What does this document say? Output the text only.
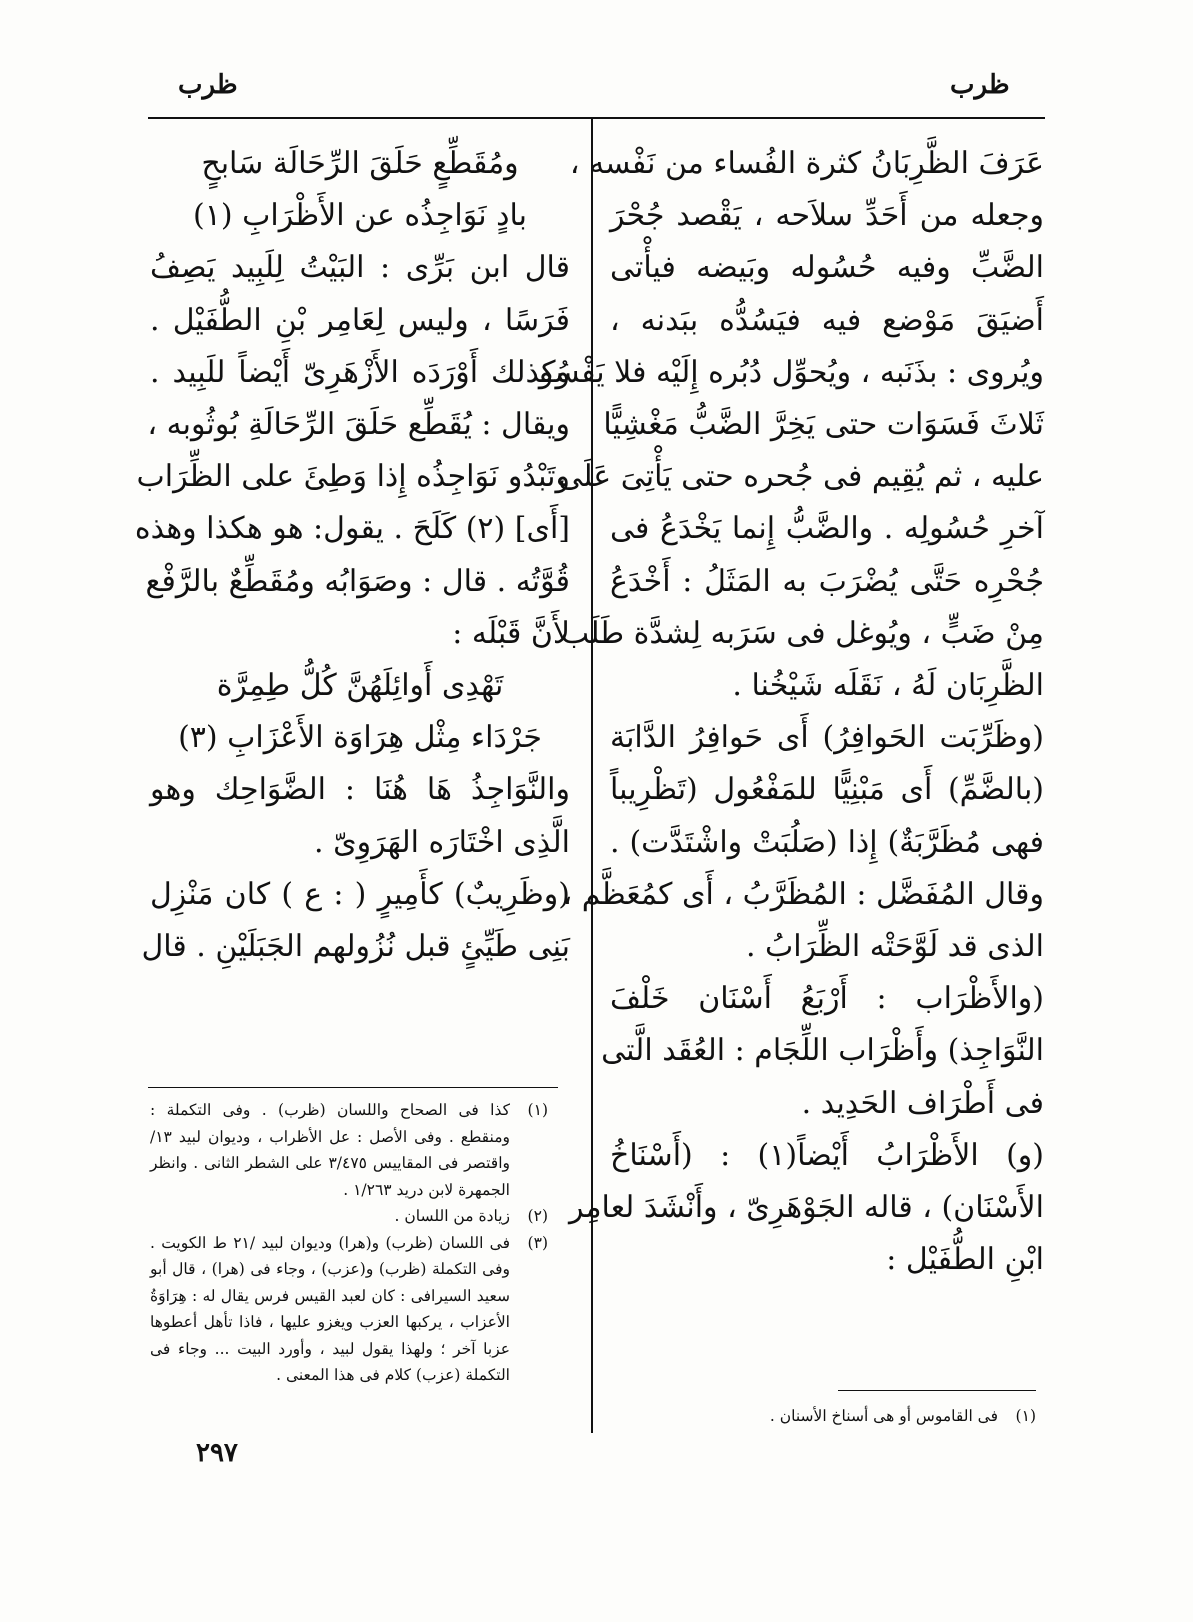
ظرب
ظرب
عَرَفَ الظَّرِبَانُ كثرة الفُساء من نَفْسه ،
وجعله من أَحَدِّ سلاَحه ، يَقْصد جُحْرَ
الضَّبِّ وفيه حُسُوله وبَيضه فيأْتى
أَضيَقَ مَوْضع فيه فيَسُدُّه ببَدنه ،
ويُروى : بذَنَبه ، ويُحوِّل دُبُره إِلَيْه فلا يَفْسُو
ثَلاثَ فَسَوَات حتى يَخِرَّ الضَّبُّ مَغْشِيًّا
عليه ، ثم يُقِيم فى جُحره حتى يَأْتِىَ عَلَى
آخرِ حُسُولِه . والضَّبُّ إِنما يَخْدَعُ فى
جُحْرِه حَتَّى يُضْرَبَ به المَثَلُ : أَخْدَعُ
مِنْ ضَبٍّ ، ويُوغل فى سَرَبه لِشدَّة طَلَب
الظَّرِبَان لَهُ ، نَقَلَه شَيْخُنا .
(وظَرِّبَت الحَوافِرُ) أَى حَوافِرُ الدَّابَة
(بالضَّمِّ) أَى مَبْنِيًّا للمَفْعُول (تَظْرِيباً
فهى مُظَرَّبَةٌ) إِذا (صَلُبَتْ واشْتَدَّت) .
وقال المُفَضَّل : المُظَرَّبُ ، أَى كمُعَظَّم ،
الذى قد لَوَّحَتْه الظِّرَابُ .
(والأَظْرَاب : أَرْبَعُ أَسْنَان خَلْفَ
النَّوَاجِذ) وأَظْرَاب اللِّجَام : العُقَد الَّتى
فى أَطْرَاف الحَدِيد .
(و) الأَظْرَابُ أَيْضاً(١) : (أَسْنَاخُ
الأَسْنَان) ، قاله الجَوْهَرِىّ ، وأَنْشَدَ لعامِر
ابْنِ الطُّفَيْل :
ومُقَطِّعٍ حَلَقَ الرِّحَالَة سَابحٍ
بادٍ نَوَاجِذُه عن الأَظْرَابِ (١)
قال ابن بَرِّى : البَيْتُ لِلَبِيد يَصِفُ
فَرَسًا ، وليس لِعَامِر بْنِ الطُّفَيْل .
وكذلك أَوْرَدَه الأَزْهَرِىّ أَيْضاً للَبِيد .
ويقال : يُقَطِّع حَلَقَ الرِّحَالَةِ بُوثُوبه ،
وتَبْدُو نَوَاجِذُه إِذا وَطِئَ على الظِّرَاب
[أَى] (٢) كَلَحَ . يقول: هو هكذا وهذه
قُوَّتُه . قال : وصَوَابُه ومُقَطِّعٌ بالرَّفْع
لأَنَّ قَبْلَه :
تَهْدِى أَوائِلَهُنَّ كُلُّ طِمِرَّة
جَرْدَاء مِثْل هِرَاوَة الأَعْزَابِ (٣)
والنَّوَاجِذُ هَا هُنَا : الضَّوَاحِك وهو
الَّذِى اخْتَارَه الهَرَوِىّ .
(وظَرِيبٌ) كأَمِيرٍ ( : ع ) كان مَنْزِل
بَنِى طَيِّئٍ قبل نُزُولهم الجَبَلَيْنِ . قال
(١)
كذا فى الصحاح واللسان (ظرب) . وفى التكملة : ومنقطع . وفى الأصل : عل الأظراب ، وديوان لبيد ١٣/ واقتصر فى المقاييس ٣/٤٧٥ على الشطر الثانى . وانظر الجمهرة لابن دريد ١/٢٦٣ .
(٢)
زيادة من اللسان .
(٣)
فى اللسان (ظرب) و(هرا) وديوان لبيد /٢١ ط الكويت . وفى التكملة (ظرب) و(عزب) ، وجاء فى (هرا) ، قال أبو سعيد السيرافى : كان لعبد القيس فرس يقال له : هِرَاوَةُ الأعزاب ، يركبها العزب ويغزو عليها ، فاذا تأهل أعطوها عزبا آخر ؛ ولهذا يقول لبيد ، وأورد البيت ... وجاء فى التكملة (عزب) كلام فى هذا المعنى .
(١)
فى القاموس أو هى أسناخ الأسنان .
٢٩٧
